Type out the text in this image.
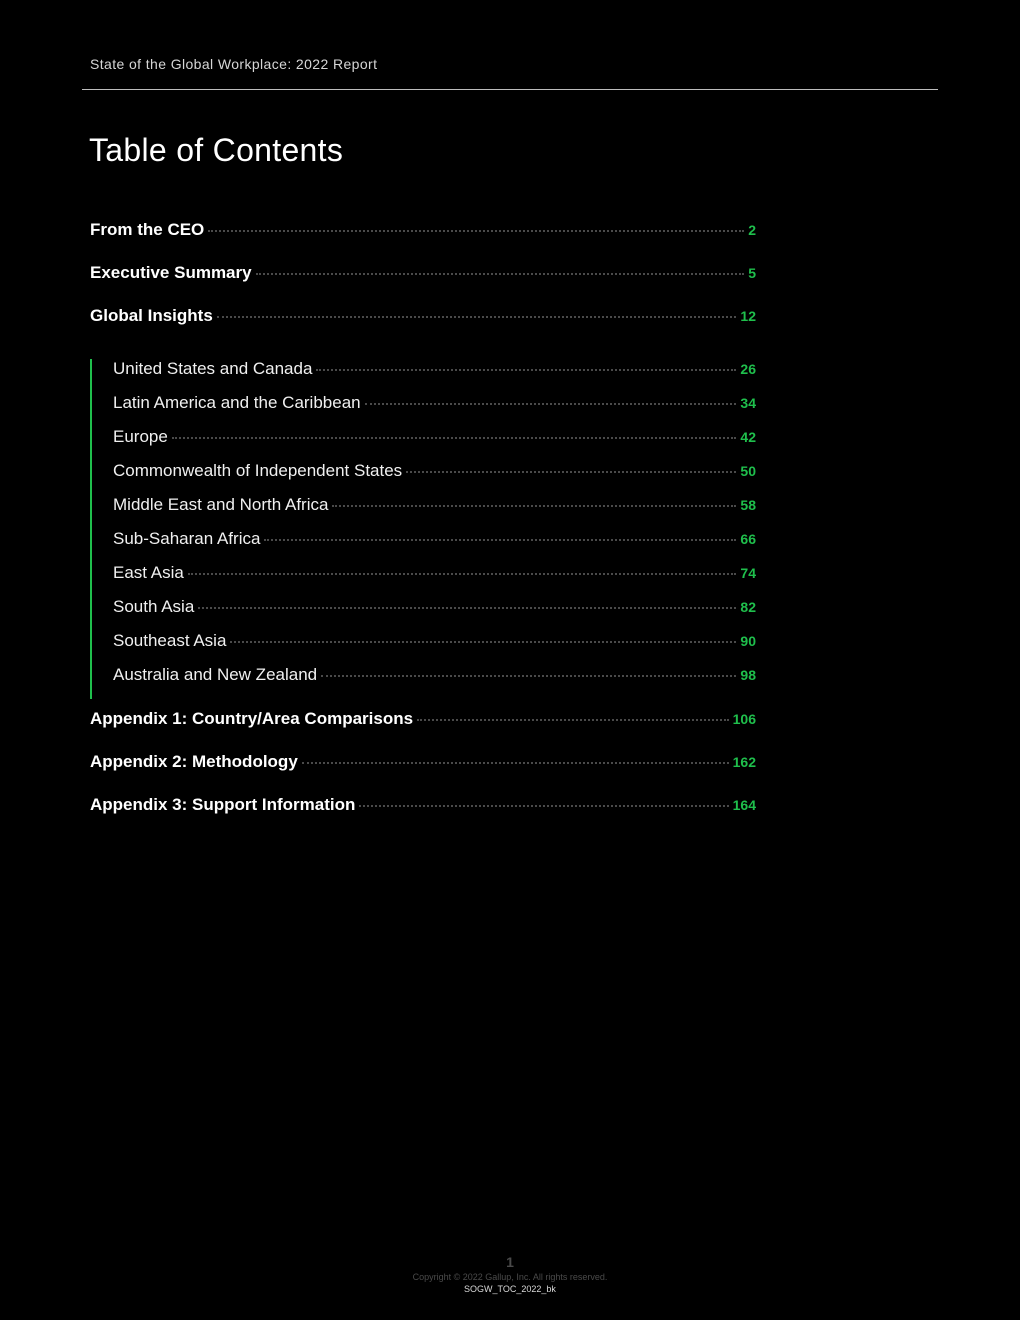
State of the Global Workplace: 2022 Report
Table of Contents
From the CEO	2
Executive Summary	5
Global Insights	12
United States and Canada	26
Latin America and the Caribbean	34
Europe	42
Commonwealth of Independent States	50
Middle East and North Africa	58
Sub-Saharan Africa	66
East Asia	74
South Asia	82
Southeast Asia	90
Australia and New Zealand	98
Appendix 1: Country/Area Comparisons	106
Appendix 2: Methodology	162
Appendix 3: Support Information	164
1
Copyright © 2022 Gallup, Inc. All rights reserved.
SOGW_TOC_2022_bk
